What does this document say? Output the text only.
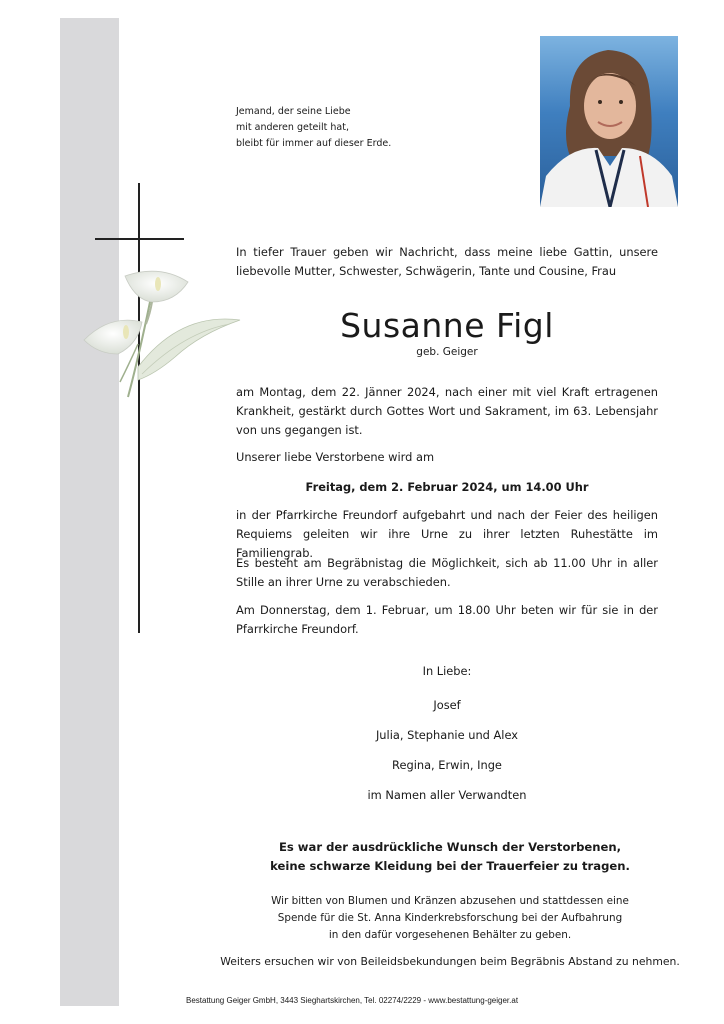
Jemand, der seine Liebe
mit anderen geteilt hat,
bleibt für immer auf dieser Erde.
In tiefer Trauer geben wir Nachricht, dass meine liebe Gattin, unsere liebevolle Mutter, Schwester, Schwägerin, Tante und Cousine, Frau
Susanne Figl
geb. Geiger
am Montag, dem 22. Jänner 2024, nach einer mit viel Kraft ertragenen Krankheit, gestärkt durch Gottes Wort und Sakrament, im 63. Lebensjahr von uns gegangen ist.
Unserer liebe Verstorbene wird am
Freitag, dem 2. Februar 2024, um 14.00 Uhr
in der Pfarrkirche Freundorf aufgebahrt und nach der Feier des heiligen Requiems geleiten wir ihre Urne zu ihrer letzten Ruhestätte im Familiengrab.
Es besteht am Begräbnistag die Möglichkeit, sich ab 11.00 Uhr in aller Stille an ihrer Urne zu verabschieden.
Am Donnerstag, dem 1. Februar, um 18.00 Uhr beten wir für sie in der Pfarrkirche Freundorf.
In Liebe:
Josef
Julia, Stephanie und Alex
Regina, Erwin, Inge
im Namen aller Verwandten
Es war der ausdrückliche Wunsch der Verstorbenen,
keine schwarze Kleidung bei der Trauerfeier zu tragen.
Wir bitten von Blumen und Kränzen abzusehen und stattdessen eine
Spende für die St. Anna Kinderkrebsforschung bei der Aufbahrung
in den dafür vorgesehenen Behälter zu geben.
Weiters ersuchen wir von Beileidsbekundungen beim Begräbnis Abstand zu nehmen.
Bestattung Geiger GmbH, 3443 Sieghartskirchen, Tel. 02274/2229 - www.bestattung-geiger.at
